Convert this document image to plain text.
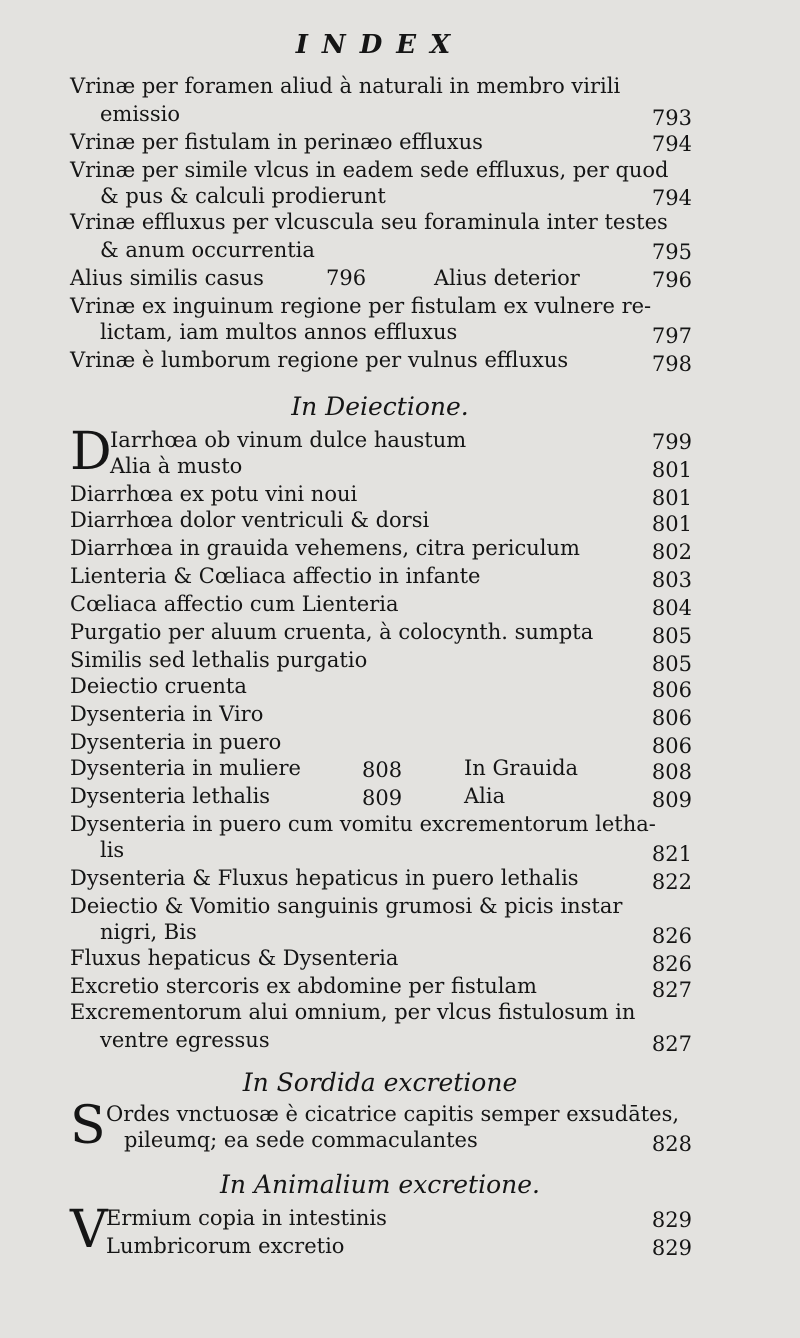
INDEX
Vrinæ per foramen aliud à naturali in membro virili
emissio	793
Vrinæ per fistulam in perinæo effluxus	794
Vrinæ per simile vlcus in eadem sede effluxus, per quod
& pus & calculi prodierunt	794
Vrinæ effluxus per vlcuscula seu foraminula inter testes
& anum occurrentia	795
Alius similis casus	796	Alius deterior	796
Vrinæ ex inguinum regione per fistulam ex vulnere re-
lictam, iam multos annos effluxus	797
Vrinæ è lumborum regione per vulnus effluxus	798
In Deiectione.
D
Iarrhœa ob vinum dulce haustum	799
Alia à musto	801
Diarrhœa ex potu vini noui	801
Diarrhœa dolor ventriculi & dorsi	801
Diarrhœa in grauida vehemens, citra periculum	802
Lienteria & Cœliaca affectio in infante	803
Cœliaca affectio cum Lienteria	804
Purgatio per aluum cruenta, à colocynth. sumpta	805
Similis sed lethalis purgatio	805
Deiectio cruenta	806
Dysenteria in Viro	806
Dysenteria in puero	806
Dysenteria in muliere	808	In Grauida	808
Dysenteria lethalis	809	Alia	809
Dysenteria in puero cum vomitu excrementorum letha-
lis	821
Dysenteria & Fluxus hepaticus in puero lethalis	822
Deiectio & Vomitio sanguinis grumosi & picis instar
nigri, Bis	826
Fluxus hepaticus & Dysenteria	826
Excretio stercoris ex abdomine per fistulam	827
Excrementorum alui omnium, per vlcus fistulosum in
ventre egressus	827
In Sordida excretione
S Ordes vnctuosæ è cicatrice capitis semper exsudātes,
pileumq; ea sede commaculantes	828
In Animalium excretione.
V
Ermium copia in intestinis	829
Lumbricorum excretio	829
